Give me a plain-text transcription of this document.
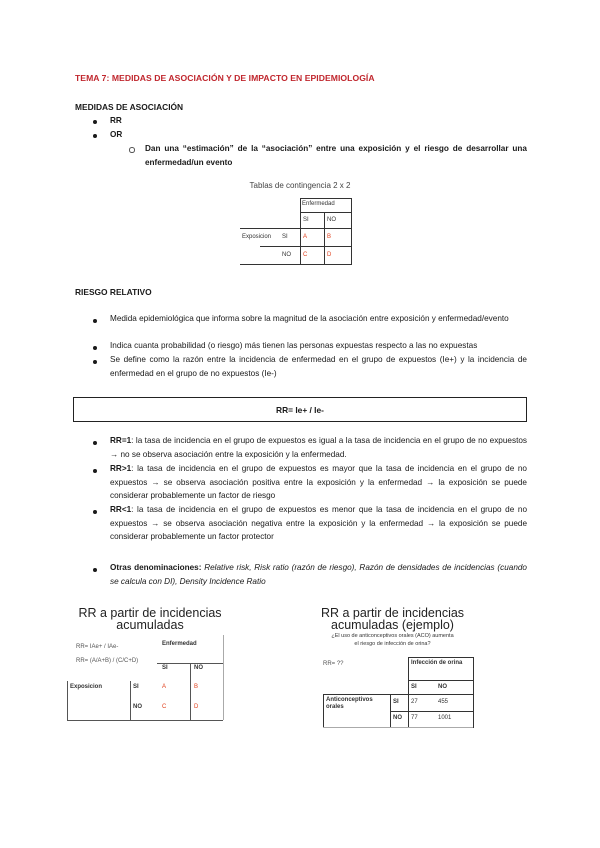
TEMA 7: MEDIDAS DE ASOCIACIÓN Y DE IMPACTO EN EPIDEMIOLOGÍA
MEDIDAS DE ASOCIACIÓN
RR
OR
Dan una “estimación” de la “asociación” entre una exposición y el riesgo de desarrollar una enfermedad/un evento
Tablas de contingencia 2 x 2
Enfermedad
SI	NO
Exposicion SI	A	B
NO C	D
RIESGO RELATIVO
Medida epidemiológica que informa sobre la magnitud de la asociación entre exposición y enfermedad/evento
Indica cuanta probabilidad (o riesgo) más tienen las personas expuestas respecto a las no expuestas
Se define como la razón entre la incidencia de enfermedad en el grupo de expuestos (Ie+) y la incidencia de enfermedad en el grupo de no expuestos (Ie-)
RR= Ie+ / Ie-
RR=1: la tasa de incidencia en el grupo de expuestos es igual a la tasa de incidencia en el grupo de no expuestos → no se observa asociación entre la exposición y la enfermedad.
RR>1: la tasa de incidencia en el grupo de expuestos es mayor que la tasa de incidencia en el grupo de no expuestos → se observa asociación positiva entre la exposición y la enfermedad → la exposición se puede considerar probablemente un factor de riesgo
RR<1: la tasa de incidencia en el grupo de expuestos es menor que la tasa de incidencia en el grupo de no expuestos → se observa asociación negativa entre la exposición y la enfermedad → la exposición se puede considerar probablemente un factor protector
Otras denominaciones: Relative risk, Risk ratio (razón de riesgo), Razón de densidades de incidencias (cuando se calcula con DI), Density Incidence Ratio
RR a partir de incidencias
acumuladas
RR= IAe+ / IAe-
RR= (A/A+B) / (C/C+D)
Enfermedad
SI	NO
Exposicion	SI	A	B
NO	C	D
RR a partir de incidencias
acumuladas (ejemplo)
¿El uso de anticonceptivos orales (ACO) aumenta
el riesgo de infección de orina?
RR= ??	Infección de orina
SI	NO
Anticonceptivos orales
SI 27	455
NO 77	1001
